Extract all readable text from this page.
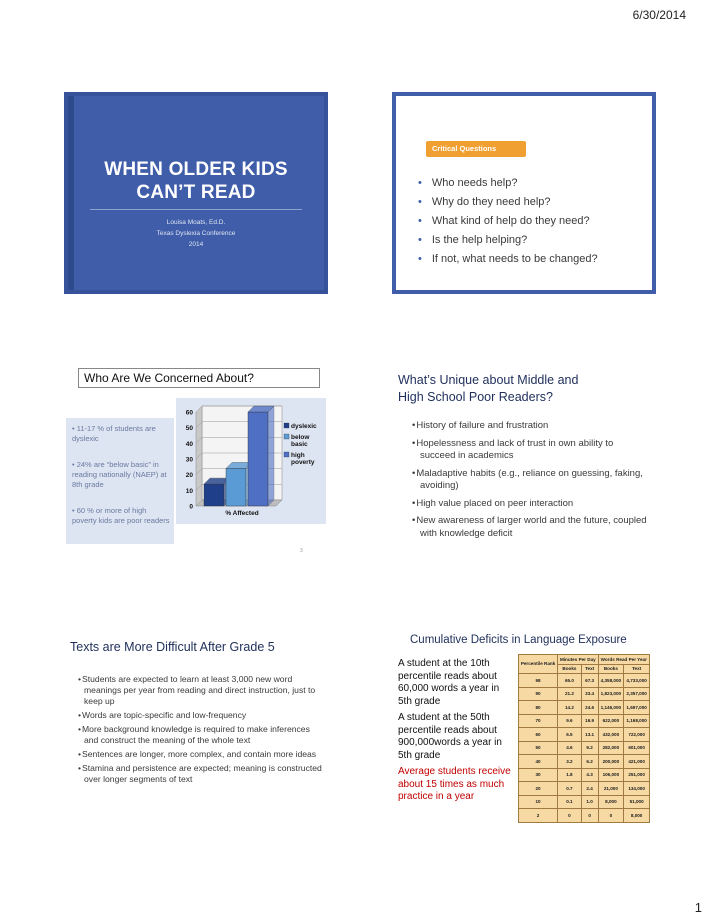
6/30/2014
WHEN OLDER KIDS
CAN’T READ
Louisa Moats, Ed.D.
Texas Dyslexia Conference
2014
Critical Questions
• Who needs help?
• Why do they need help?
• What kind of help do they need?
• Is the help helping?
• If not, what needs to be changed?
Who Are We Concerned About?
• 11-17 % of students are dyslexic
• 24% are “below basic” in reading nationally (NAEP) at 8th grade
• 60 % or more of high poverty kids are poor readers
0
10
20
30
40
50
60
% Affected
dyslexic
below
basic
high
poverty
3
What’s Unique about Middle and
High School Poor Readers?
• History of failure and frustration
• Hopelessness and lack of trust in own ability to succeed in academics
• Maladaptive habits (e.g., reliance on guessing, faking, avoiding)
• High value placed on peer interaction
• New awareness of larger world and the future, coupled with knowledge deficit
Texts are More Difficult After Grade 5
• Students are expected to learn at least 3,000 new word meanings per year from reading and direct instruction, just to keep up
• Words are topic-specific and low-frequency
• More background knowledge is required to make inferences and construct the meaning of the whole text
• Sentences are longer, more complex, and contain more ideas
• Stamina and persistence are expected; meaning is constructed over longer segments of text
Cumulative Deficits in Language Exposure

A student at the 10th percentile reads about 60,000 words a year in 5th grade

A student at the 50th percentile reads about 900,000words a year in 5th grade

Average students receive about 15 times as much practice in a year

Percentile Rank	Minutes Per Day		Words Read Per Year	
	Books	Text	Books	Text
98	65.0	67.3	4,358,000	4,733,000
90	21.2	33.4	1,823,000	2,357,000
80	14.2	24.6	1,146,000	1,697,000
70	9.6	16.9	622,000	1,168,000
60	6.5	13.1	432,000	722,000
50	4.6	9.2	282,000	601,000
40	3.2	6.2	200,000	421,000
30	1.8	4.3	106,000	251,000
20	0.7	2.4	21,000	134,000
10	0.1	1.0	8,000	51,000
2	0	0	0	8,000
1
